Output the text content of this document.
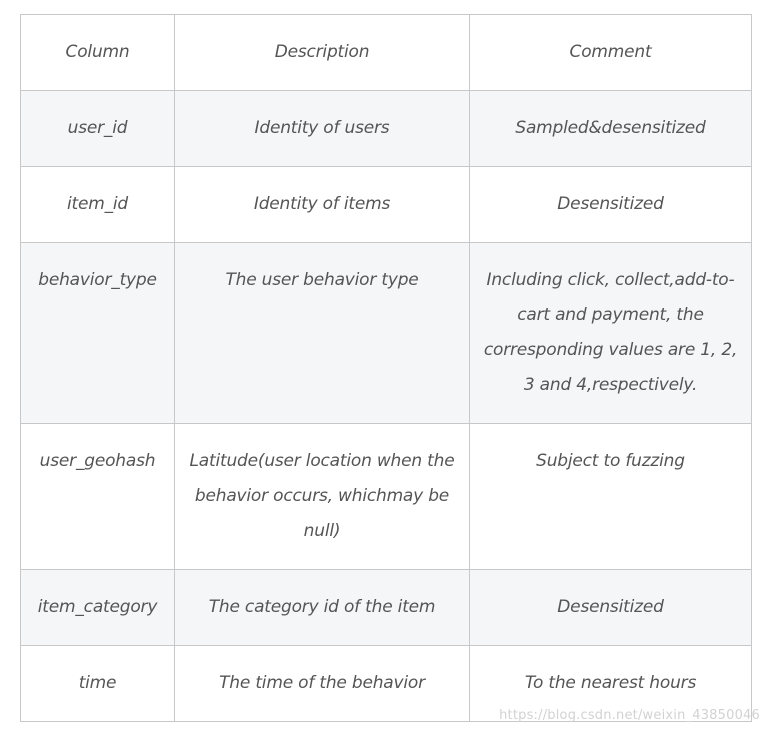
Column	Description	Comment
user_id	Identity of users	Sampled&desensitized
item_id	Identity of items	Desensitized
behavior_type	The user behavior type	Including click, collect,add-to-cart and payment, the corresponding values are 1, 2, 3 and 4,respectively.
user_geohash	Latitude(user location when the behavior occurs, whichmay be null)	Subject to fuzzing
item_category	The category id of the item	Desensitized
time	The time of the behavior	To the nearest hours
https://blog.csdn.net/weixin_43850046
